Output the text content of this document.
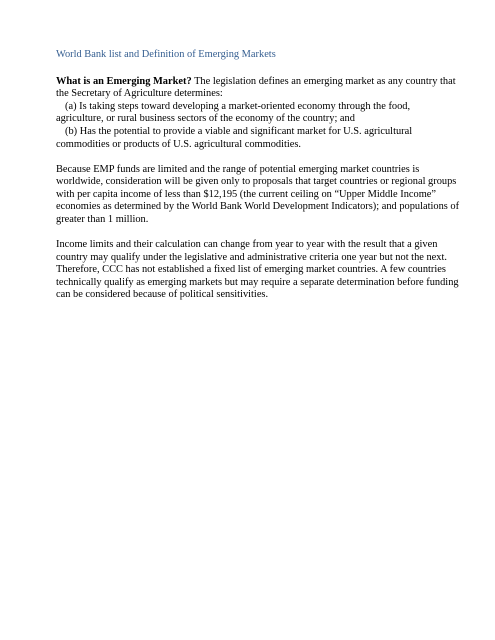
World Bank list and Definition of Emerging Markets

What is an Emerging Market? The legislation defines an emerging market as any country that
the Secretary of Agriculture determines:
(a) Is taking steps toward developing a market-oriented economy through the food,
agriculture, or rural business sectors of the economy of the country; and
(b) Has the potential to provide a viable and significant market for U.S. agricultural
commodities or products of U.S. agricultural commodities.

Because EMP funds are limited and the range of potential emerging market countries is
worldwide, consideration will be given only to proposals that target countries or regional groups
with per capita income of less than $12,195 (the current ceiling on “Upper Middle Income”
economies as determined by the World Bank World Development Indicators); and populations of
greater than 1 million.

Income limits and their calculation can change from year to year with the result that a given
country may qualify under the legislative and administrative criteria one year but not the next.
Therefore, CCC has not established a fixed list of emerging market countries. A few countries
technically qualify as emerging markets but may require a separate determination before funding
can be considered because of political sensitivities.
